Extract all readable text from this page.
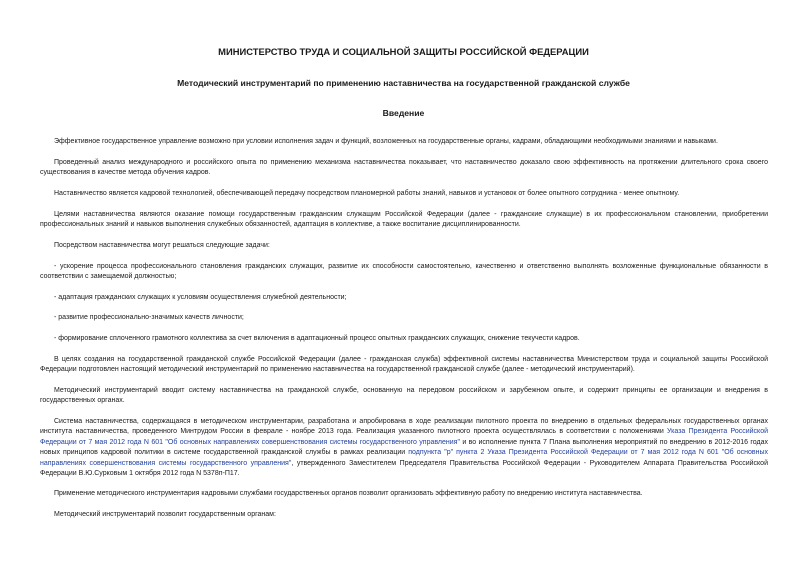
МИНИСТЕРСТВО ТРУДА И СОЦИАЛЬНОЙ ЗАЩИТЫ РОССИЙСКОЙ ФЕДЕРАЦИИ
Методический инструментарий по применению наставничества на государственной гражданской службе
Введение

Эффективное государственное управление возможно при условии исполнения задач и функций, возложенных на государственные органы, кадрами, обладающими необходимыми знаниями и навыками.

Проведенный анализ международного и российского опыта по применению механизма наставничества показывает, что наставничество доказало свою эффективность на протяжении длительного срока своего существования в качестве метода обучения кадров.

Наставничество является кадровой технологией, обеспечивающей передачу посредством планомерной работы знаний, навыков и установок от более опытного сотрудника - менее опытному.

Целями наставничества являются оказание помощи государственным гражданским служащим Российской Федерации (далее - гражданские служащие) в их профессиональном становлении, приобретении профессиональных знаний и навыков выполнения служебных обязанностей, адаптация в коллективе, а также воспитание дисциплинированности.

Посредством наставничества могут решаться следующие задачи:

- ускорение процесса профессионального становления гражданских служащих, развитие их способности самостоятельно, качественно и ответственно выполнять возложенные функциональные обязанности в соответствии с замещаемой должностью;

- адаптация гражданских служащих к условиям осуществления служебной деятельности;

- развитие профессионально-значимых качеств личности;

- формирование сплоченного грамотного коллектива за счет включения в адаптационный процесс опытных гражданских служащих, снижение текучести кадров.

В целях создания на государственной гражданской службе Российской Федерации (далее - гражданская служба) эффективной системы наставничества Министерством труда и социальной защиты Российской Федерации подготовлен настоящий методический инструментарий по применению наставничества на государственной гражданской службе (далее - методический инструментарий).

Методический инструментарий вводит систему наставничества на гражданской службе, основанную на передовом российском и зарубежном опыте, и содержит принципы ее организации и внедрения в государственных органах.

Система наставничества, содержащаяся в методическом инструментарии, разработана и апробирована в ходе реализации пилотного проекта по внедрению в отдельных федеральных государственных органах института наставничества, проведенного Минтрудом России в феврале - ноябре 2013 года. Реализация указанного пилотного проекта осуществлялась в соответствии с положениями Указа Президента Российской Федерации от 7 мая 2012 года N 601 "Об основных направлениях совершенствования системы государственного управления" и во исполнение пункта 7 Плана выполнения мероприятий по внедрению в 2012-2016 годах новых принципов кадровой политики в системе государственной гражданской службы в рамках реализации подпункта "р" пункта 2 Указа Президента Российской Федерации от 7 мая 2012 года N 601 "Об основных направлениях совершенствования системы государственного управления", утвержденного Заместителем Председателя Правительства Российской Федерации - Руководителем Аппарата Правительства Российской Федерации В.Ю.Сурковым 1 октября 2012 года N 5378п-П17.

Применение методического инструментария кадровыми службами государственных органов позволит организовать эффективную работу по внедрению института наставничества.

Методический инструментарий позволит государственным органам:
